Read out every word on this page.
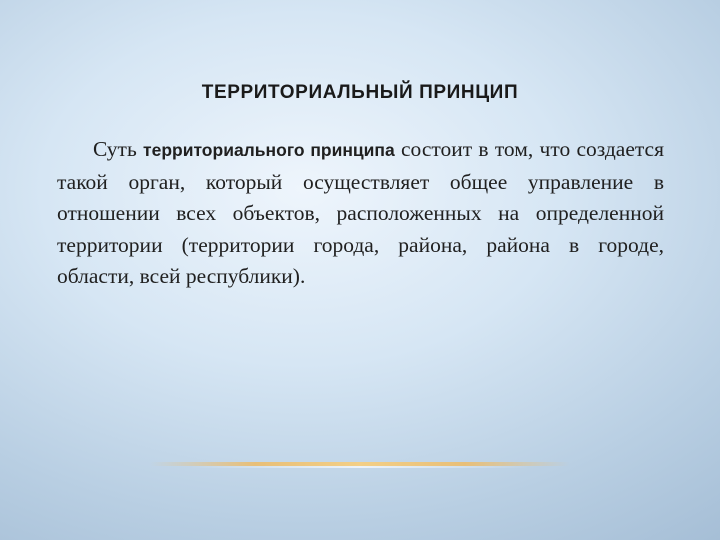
ТЕРРИТОРИАЛЬНЫЙ ПРИНЦИП

Суть территориального принципа состоит в том, что создается такой орган, который осуществляет общее управление в отношении всех объектов, расположенных на определенной территории (территории города, района, района в городе, области, всей республики).
